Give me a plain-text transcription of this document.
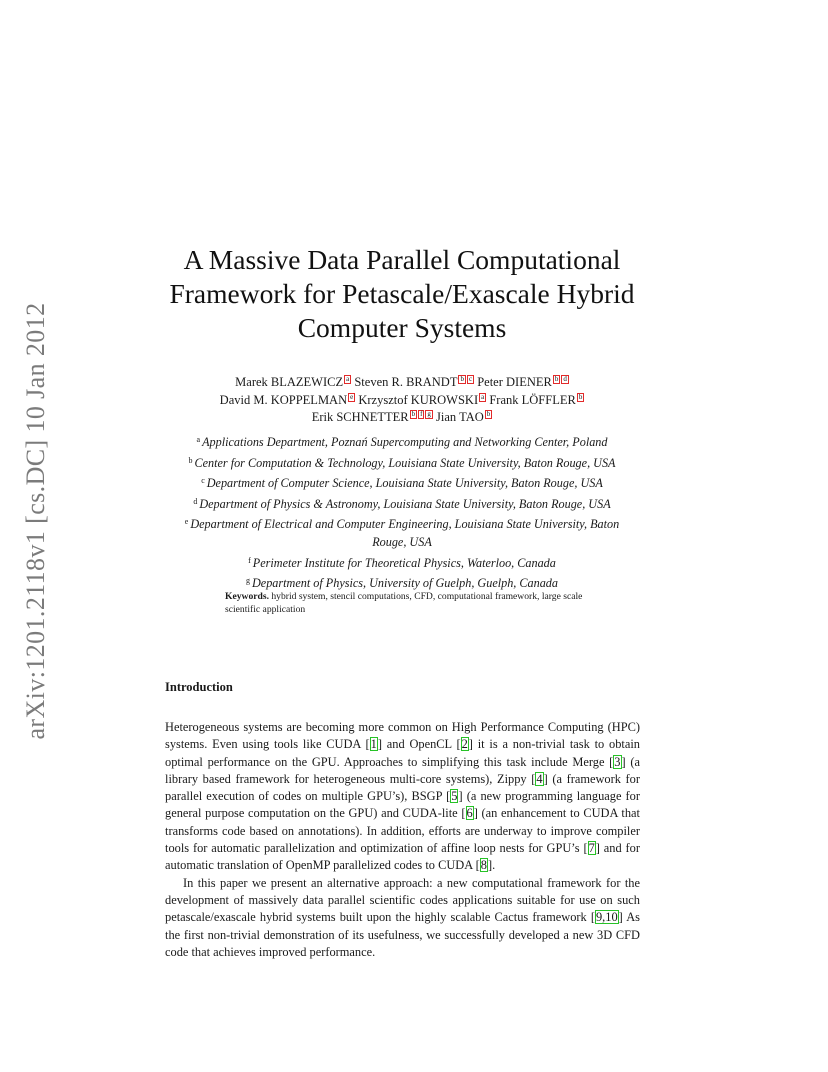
arXiv:1201.2118v1 [cs.DC] 10 Jan 2012
A Massive Data Parallel Computational
Framework for Petascale/Exascale Hybrid
Computer Systems
Marek BLAZEWICZ a Steven R. BRANDT b c Peter DIENER b d
David M. KOPPELMAN e Krzysztof KUROWSKI a Frank LÖFFLER b
Erik SCHNETTER b f g Jian TAO b
$^a$ Applications Department, Poznań Supercomputing and Networking Center, Poland
$^b$ Center for Computation & Technology, Louisiana State University, Baton Rouge, USA
$^c$ Department of Computer Science, Louisiana State University, Baton Rouge, USA
$^d$ Department of Physics & Astronomy, Louisiana State University, Baton Rouge, USA
$^e$ Department of Electrical and Computer Engineering, Louisiana State University, Baton Rouge, USA
$^f$ Perimeter Institute for Theoretical Physics, Waterloo, Canada
$^g$ Department of Physics, University of Guelph, Guelph, Canada
Keywords. hybrid system, stencil computations, CFD, computational framework, large scale scientific application
Introduction

Heterogeneous systems are becoming more common on High Performance Computing (HPC) systems. Even using tools like CUDA [1] and OpenCL [2] it is a non-trivial task to obtain optimal performance on the GPU. Approaches to simplifying this task include Merge [3] (a library based framework for heterogeneous multi-core systems), Zippy [4] (a framework for parallel execution of codes on multiple GPU’s), BSGP [5] (a new programming language for general purpose computation on the GPU) and CUDA-lite [6] (an enhancement to CUDA that transforms code based on annotations). In addition, efforts are underway to improve compiler tools for automatic parallelization and optimization of affine loop nests for GPU’s [7] and for automatic translation of OpenMP parallelized codes to CUDA [8].

In this paper we present an alternative approach: a new computational framework for the development of massively data parallel scientific codes applications suitable for use on such petascale/exascale hybrid systems built upon the highly scalable Cactus framework [9,10] As the first non-trivial demonstration of its usefulness, we successfully developed a new 3D CFD code that achieves improved performance.
